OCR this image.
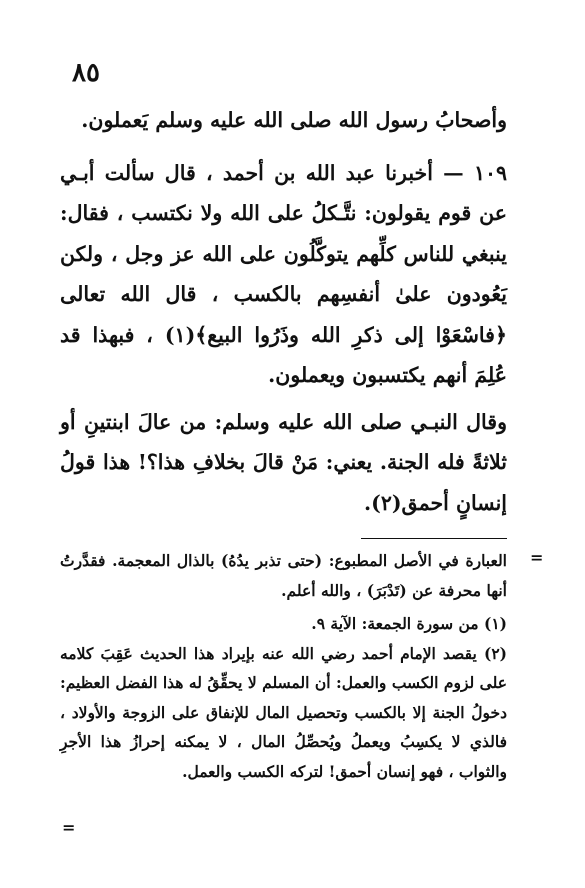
٨٥

وأصحابُ رسول الله صلى الله عليه وسلم يَعملون.

١٠٩ — أخبرنا عبد الله بن أحمد ، قال سألت أبـي عن قوم يقولون: نتَّـكلُ على الله ولا نكتسب ، فقال: ينبغي للناس كلِّهم يتوكَّلُون على الله عز وجل ، ولكن يَعُودون علىٰ أنفسِهم بالكسب ، قال الله تعالى ﴿فاسْعَوْا إلى ذكرِ الله وذَرُوا البيع﴾(١) ، فبهذا قد عُلِمَ أنهم يكتسبون ويعملون.

وقال النبـي صلى الله عليه وسلم: من عالَ ابنتينِ أو ثلاثةً فله الجنة. يعني: مَنْ قالَ بخلافِ هذا؟! هذا قولُ إنسانٍ أحمق(٢).

=

العبارة في الأصل المطبوع: (حتى تذبر يدُهُ) بالذال المعجمة. فقدَّرتُ أنها محرفة عن (تَدْبَرَ) ، والله أعلم.

(١) من سورة الجمعة: الآية ٩.

(٢) يقصد الإمام أحمد رضي الله عنه بإيراد هذا الحديث عَقِبَ كلامه على لزوم الكسب والعمل: أن المسلم لا يحقِّقُ له هذا الفضل العظيم: دخولُ الجنة إلا بالكسب وتحصيل المال للإنفاق على الزوجة والأولاد ، فالذي لا يكسِبُ ويعملُ ويُحصِّلُ المال ، لا يمكنه إحرازُ هذا الأجرِ والثواب ، فهو إنسان أحمق! لتركه الكسب والعمل.

=
